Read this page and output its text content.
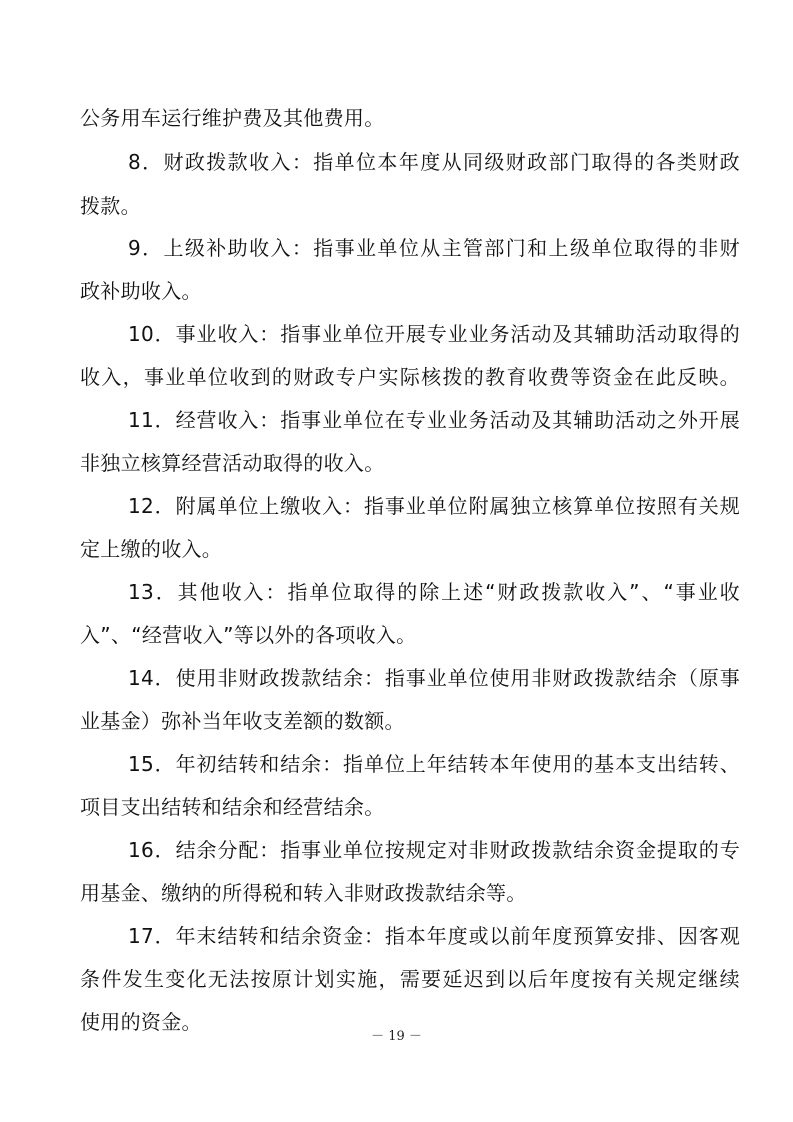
公务用车运行维护费及其他费用。
8．财政拨款收入：指单位本年度从同级财政部门取得的各类财政
拨款。
9．上级补助收入：指事业单位从主管部门和上级单位取得的非财
政补助收入。
10．事业收入：指事业单位开展专业业务活动及其辅助活动取得的
收入，事业单位收到的财政专户实际核拨的教育收费等资金在此反映。
11．经营收入：指事业单位在专业业务活动及其辅助活动之外开展
非独立核算经营活动取得的收入。
12．附属单位上缴收入：指事业单位附属独立核算单位按照有关规
定上缴的收入。
13．其他收入：指单位取得的除上述“财政拨款收入”、“事业收
入”、“经营收入”等以外的各项收入。
14．使用非财政拨款结余：指事业单位使用非财政拨款结余（原事
业基金）弥补当年收支差额的数额。
15．年初结转和结余：指单位上年结转本年使用的基本支出结转、
项目支出结转和结余和经营结余。
16．结余分配：指事业单位按规定对非财政拨款结余资金提取的专
用基金、缴纳的所得税和转入非财政拨款结余等。
17．年末结转和结余资金：指本年度或以前年度预算安排、因客观
条件发生变化无法按原计划实施，需要延迟到以后年度按有关规定继续
使用的资金。
－ 19 －
